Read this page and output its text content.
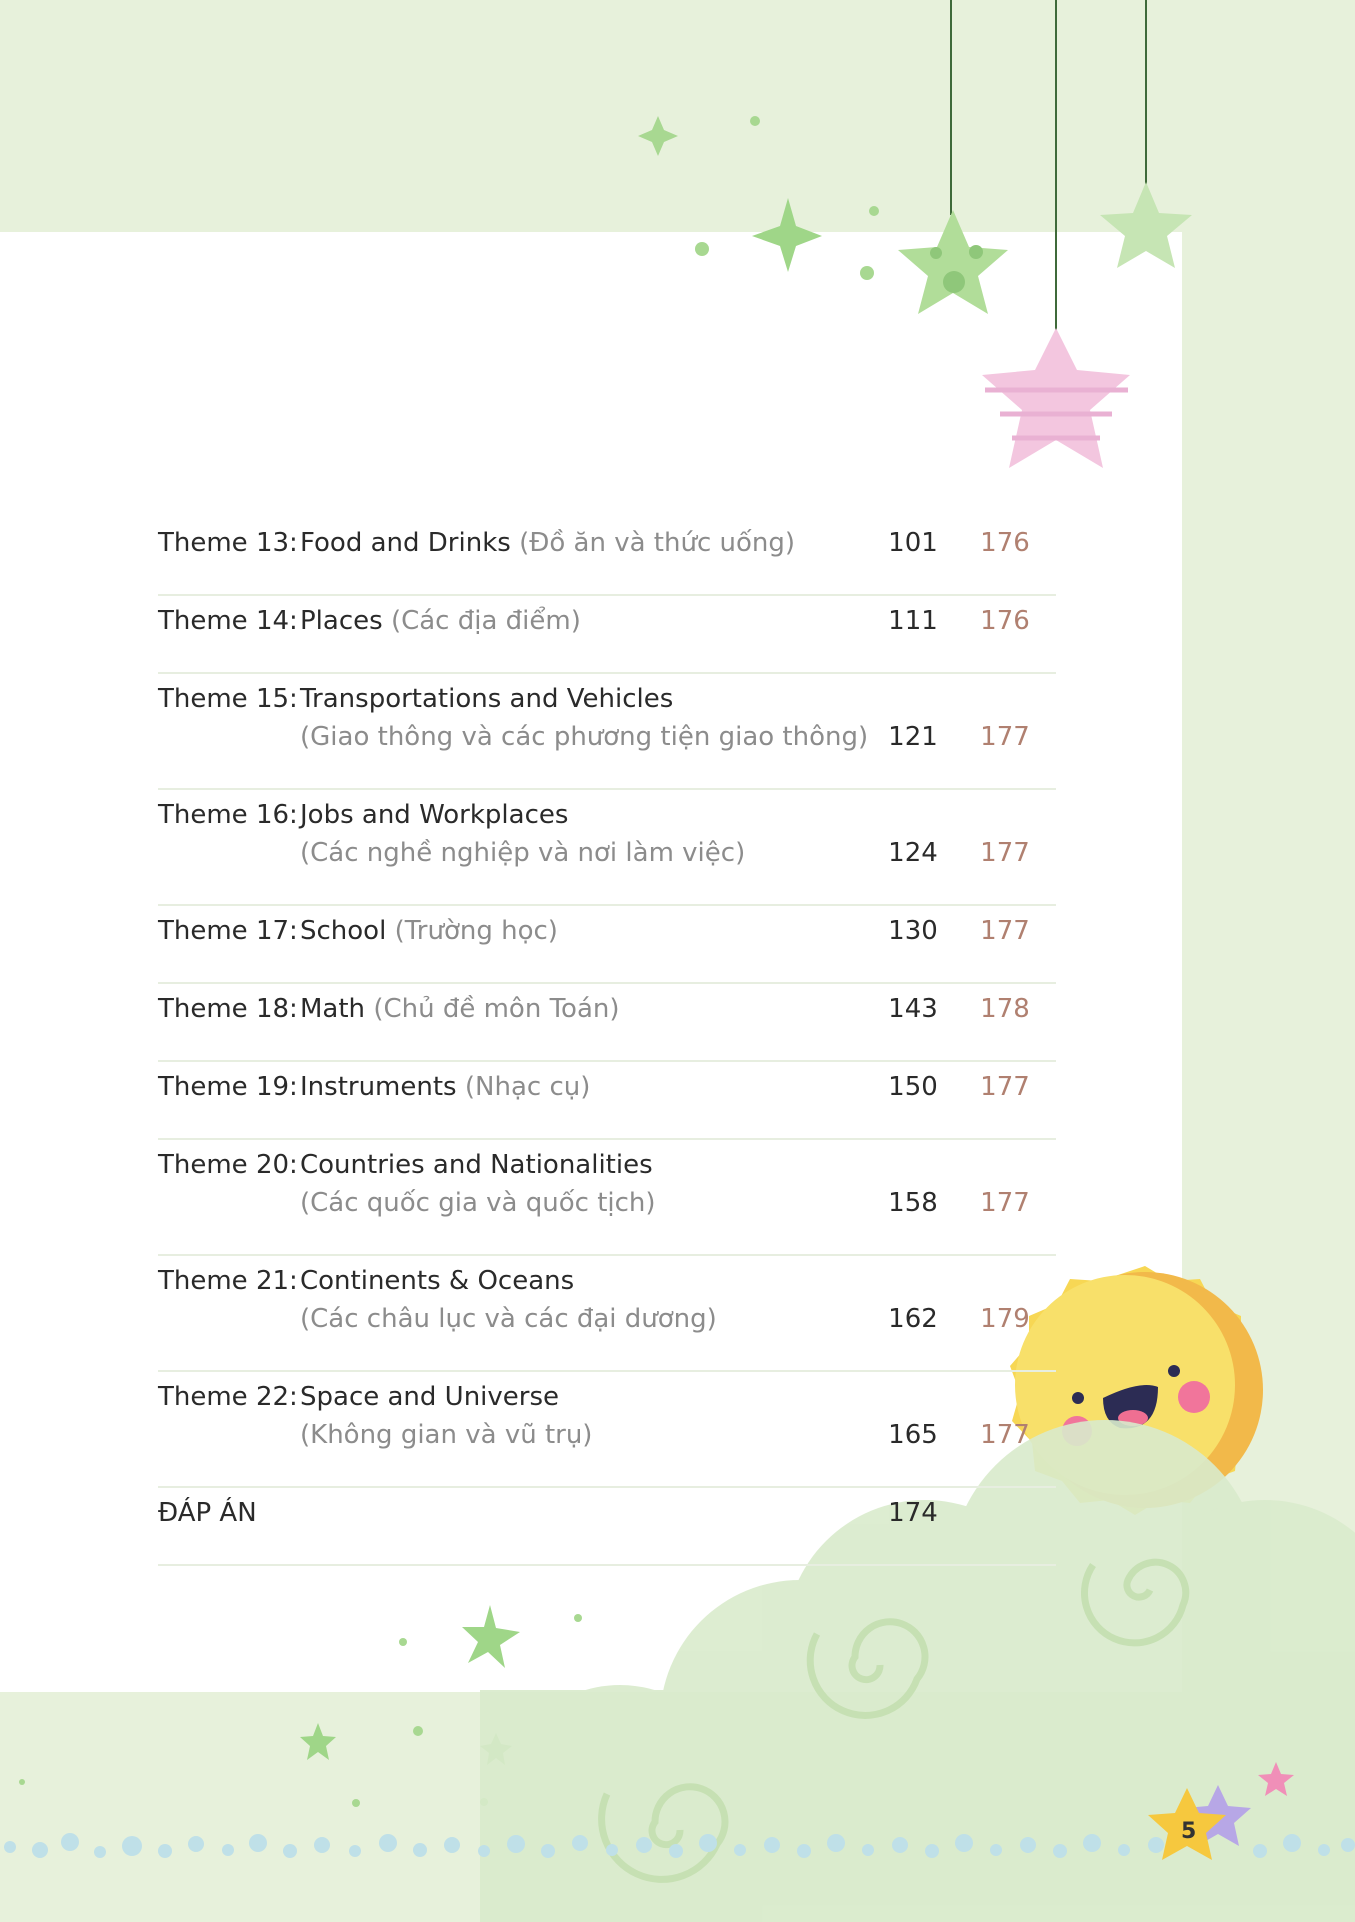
Theme 13: Food and Drinks (Đồ ăn và thức uống)	101 176
Theme 14: Places (Các địa điểm)	111 176
Theme 15: Transportations and Vehicles
(Giao thông và các phương tiện giao thông) 121 177
Theme 16: Jobs and Workplaces
(Các nghề nghiệp và nơi làm việc)	124 177
Theme 17: School (Trường học)	130 177
Theme 18: Math (Chủ đề môn Toán)	143 178
Theme 19: Instruments (Nhạc cụ)	150 177
Theme 20: Countries and Nationalities
(Các quốc gia và quốc tịch)	158 177
Theme 21: Continents & Oceans
(Các châu lục và các đại dương)	162 179
Theme 22: Space and Universe
(Không gian và vũ trụ)	165 177
ĐÁP ÁN	174
5
